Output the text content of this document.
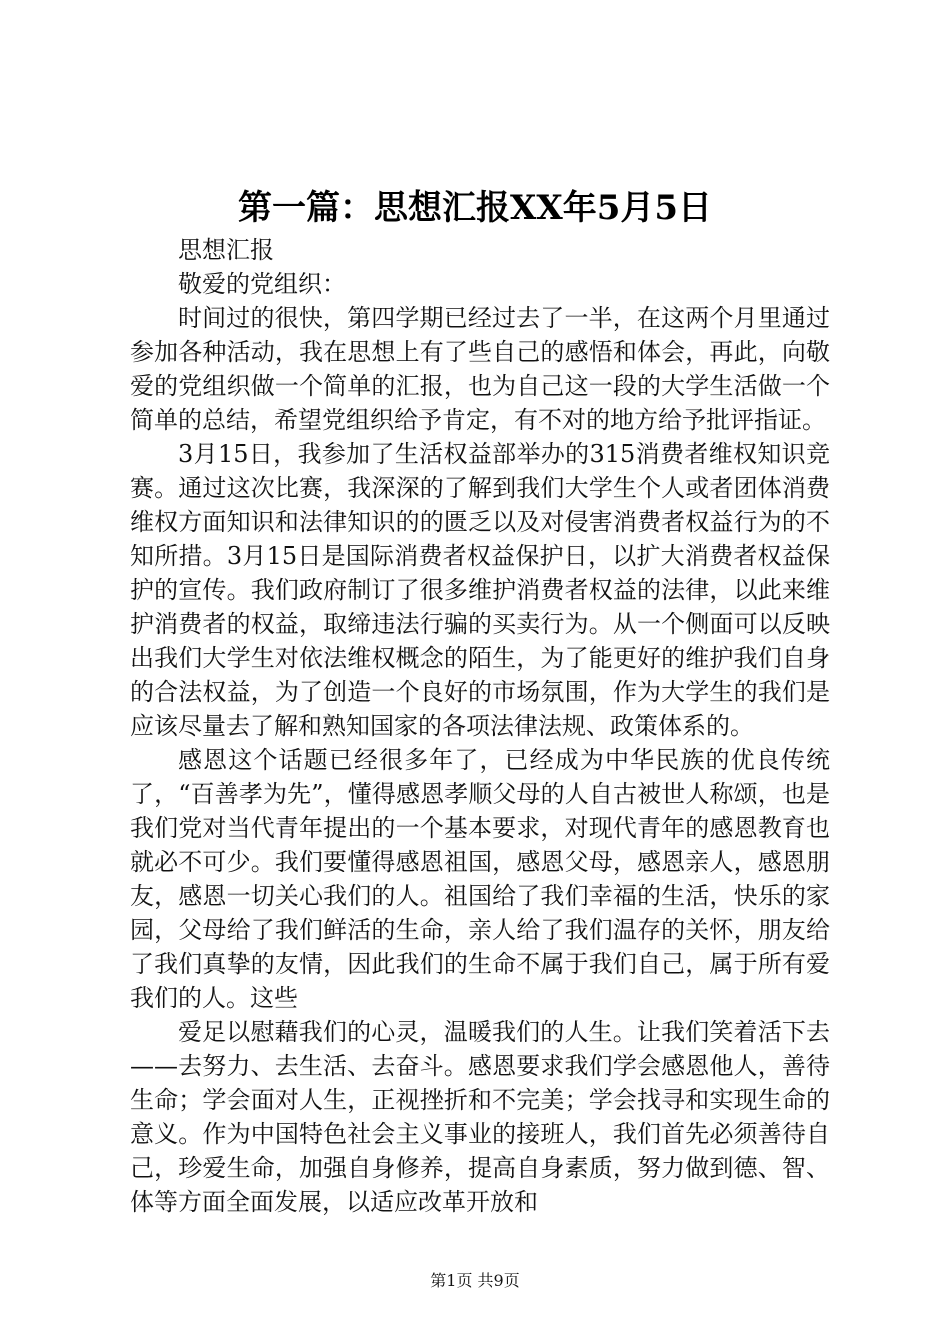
第一篇：思想汇报XX年5月5日

思想汇报

敬爱的党组织：

时间过的很快，第四学期已经过去了一半，在这两个月里通过参加各种活动，我在思想上有了些自己的感悟和体会，再此，向敬爱的党组织做一个简单的汇报，也为自己这一段的大学生活做一个简单的总结，希望党组织给予肯定，有不对的地方给予批评指证。

3月15日，我参加了生活权益部举办的315消费者维权知识竞赛。通过这次比赛，我深深的了解到我们大学生个人或者团体消费维权方面知识和法律知识的的匮乏以及对侵害消费者权益行为的不知所措。3月15日是国际消费者权益保护日，以扩大消费者权益保护的宣传。我们政府制订了很多维护消费者权益的法律，以此来维护消费者的权益，取缔违法行骗的买卖行为。从一个侧面可以反映出我们大学生对依法维权概念的陌生，为了能更好的维护我们自身的合法权益，为了创造一个良好的市场氛围，作为大学生的我们是应该尽量去了解和熟知国家的各项法律法规、政策体系的。

感恩这个话题已经很多年了，已经成为中华民族的优良传统了，“百善孝为先”，懂得感恩孝顺父母的人自古被世人称颂，也是我们党对当代青年提出的一个基本要求，对现代青年的感恩教育也就必不可少。我们要懂得感恩祖国，感恩父母，感恩亲人，感恩朋友，感恩一切关心我们的人。祖国给了我们幸福的生活，快乐的家园，父母给了我们鲜活的生命，亲人给了我们温存的关怀，朋友给了我们真挚的友情，因此我们的生命不属于我们自己，属于所有爱我们的人。这些

爱足以慰藉我们的心灵，温暖我们的人生。让我们笑着活下去——去努力、去生活、去奋斗。感恩要求我们学会感恩他人，善待生命；学会面对人生，正视挫折和不完美；学会找寻和实现生命的意义。作为中国特色社会主义事业的接班人，我们首先必须善待自己，珍爱生命，加强自身修养，提高自身素质，努力做到德、智、体等方面全面发展，以适应改革开放和

第1页 共9页
